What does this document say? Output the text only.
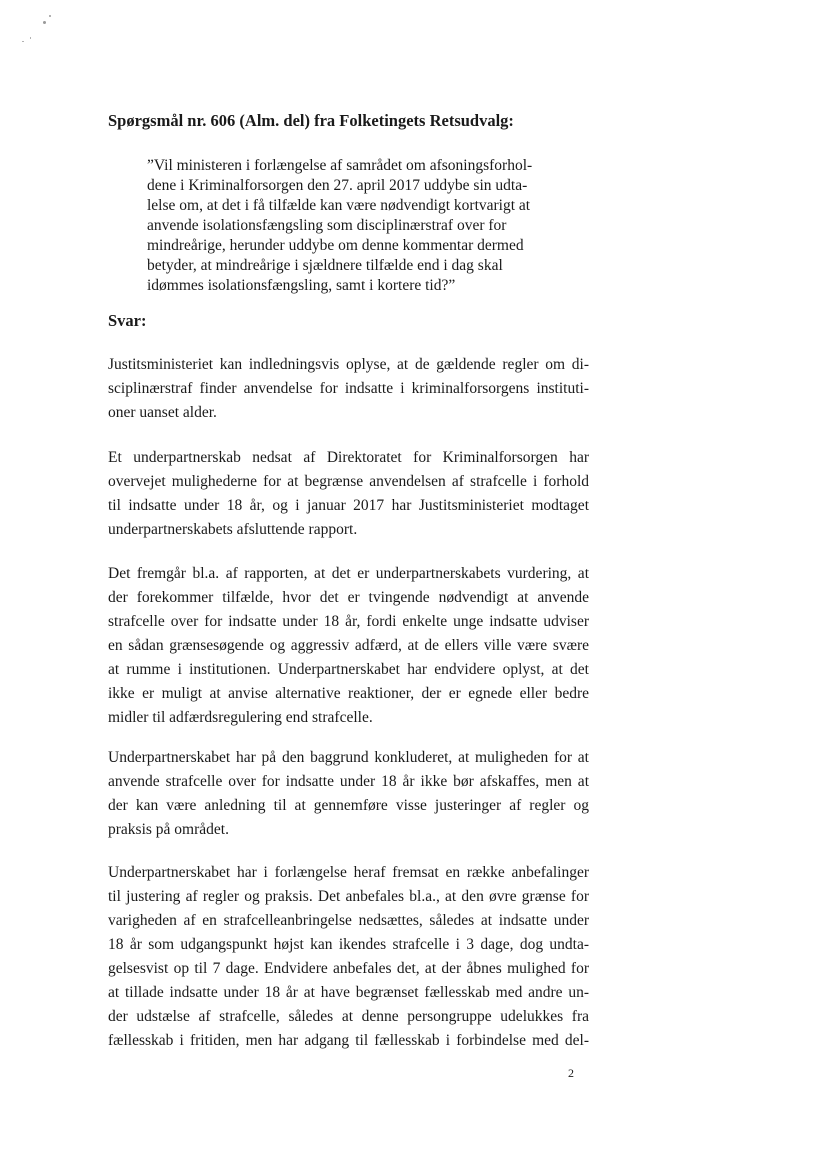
Spørgsmål nr. 606 (Alm. del) fra Folketingets Retsudvalg:
”Vil ministeren i forlængelse af samrådet om afsoningsforhol-
dene i Kriminalforsorgen den 27. april 2017 uddybe sin udta-
lelse om, at det i få tilfælde kan være nødvendigt kortvarigt at
anvende isolationsfængsling som disciplinærstraf over for
mindreårige, herunder uddybe om denne kommentar dermed
betyder, at mindreårige i sjældnere tilfælde end i dag skal
idømmes isolationsfængsling, samt i kortere tid?”
Svar:
Justitsministeriet kan indledningsvis oplyse, at de gældende regler om di-
sciplinærstraf finder anvendelse for indsatte i kriminalforsorgens instituti-
oner uanset alder.
Et underpartnerskab nedsat af Direktoratet for Kriminalforsorgen har
overvejet mulighederne for at begrænse anvendelsen af strafcelle i forhold
til indsatte under 18 år, og i januar 2017 har Justitsministeriet modtaget
underpartnerskabets afsluttende rapport.
Det fremgår bl.a. af rapporten, at det er underpartnerskabets vurdering, at
der forekommer tilfælde, hvor det er tvingende nødvendigt at anvende
strafcelle over for indsatte under 18 år, fordi enkelte unge indsatte udviser
en sådan grænsesøgende og aggressiv adfærd, at de ellers ville være svære
at rumme i institutionen. Underpartnerskabet har endvidere oplyst, at det
ikke er muligt at anvise alternative reaktioner, der er egnede eller bedre
midler til adfærdsregulering end strafcelle.
Underpartnerskabet har på den baggrund konkluderet, at muligheden for at
anvende strafcelle over for indsatte under 18 år ikke bør afskaffes, men at
der kan være anledning til at gennemføre visse justeringer af regler og
praksis på området.
Underpartnerskabet har i forlængelse heraf fremsat en række anbefalinger
til justering af regler og praksis. Det anbefales bl.a., at den øvre grænse for
varigheden af en strafcelleanbringelse nedsættes, således at indsatte under
18 år som udgangspunkt højst kan ikendes strafcelle i 3 dage, dog undta-
gelsesvist op til 7 dage. Endvidere anbefales det, at der åbnes mulighed for
at tillade indsatte under 18 år at have begrænset fællesskab med andre un-
der udstælse af strafcelle, således at denne persongruppe udelukkes fra
fællesskab i fritiden, men har adgang til fællesskab i forbindelse med del-
2
